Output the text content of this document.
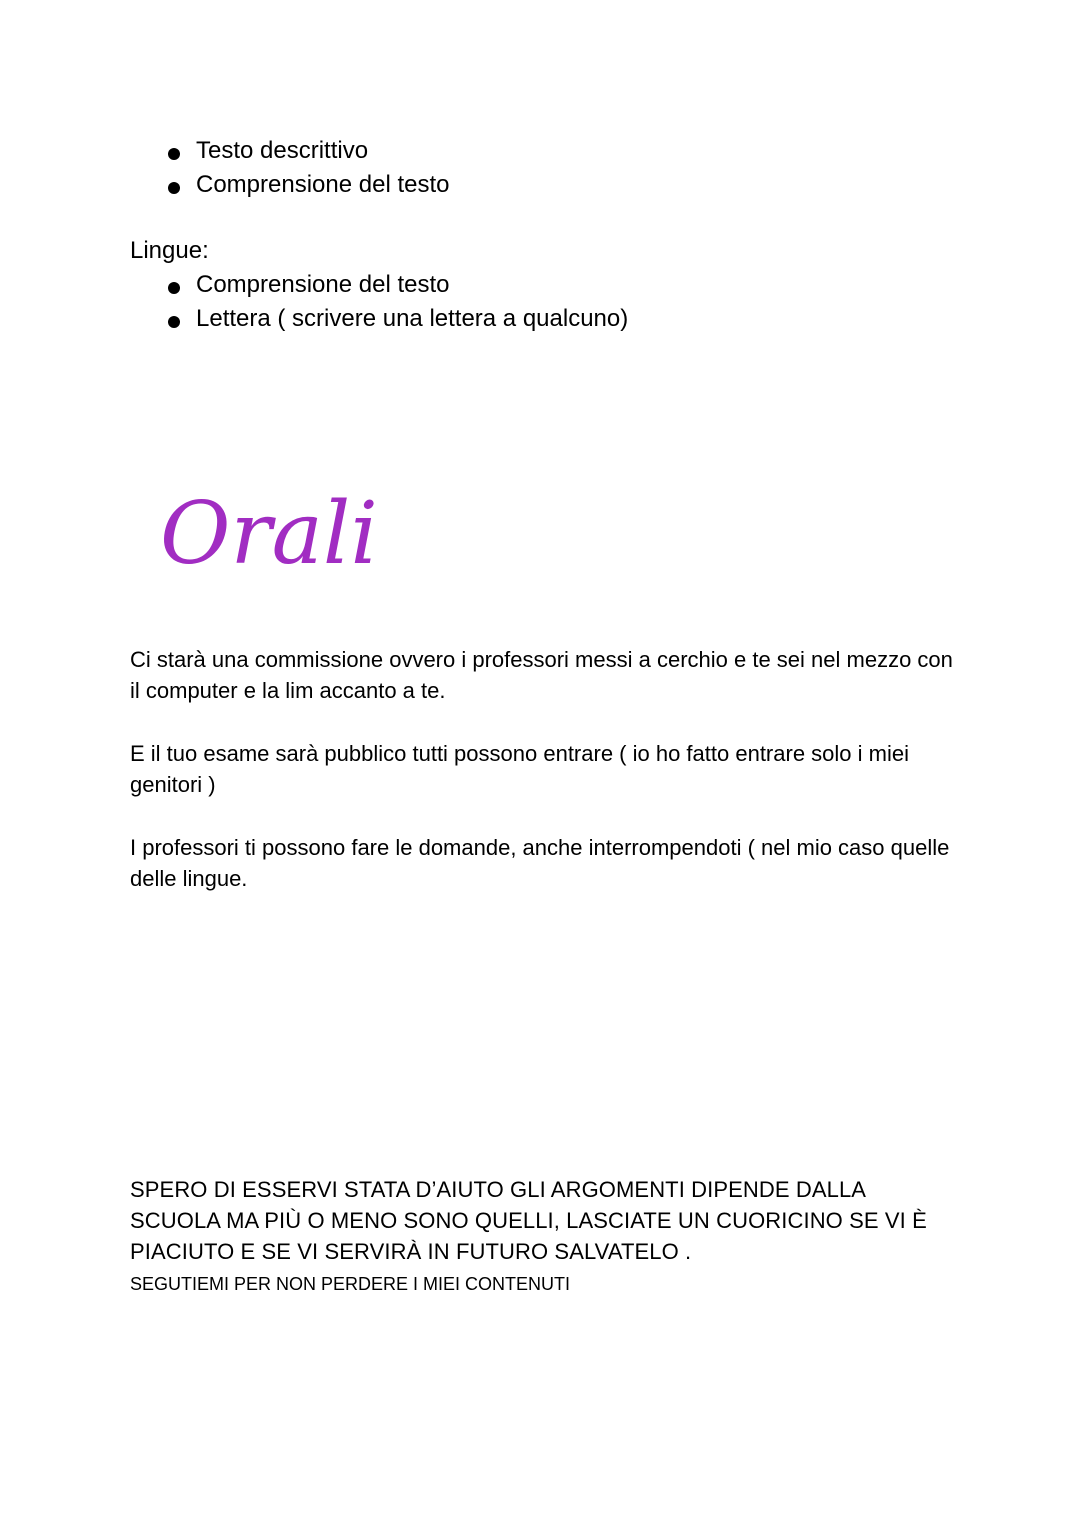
Testo descrittivo
Comprensione del testo
Lingue:
Comprensione del testo
Lettera ( scrivere una lettera a qualcuno)
Orali

Ci starà una commissione ovvero i professori messi a cerchio e te sei nel mezzo con il computer e la lim accanto a te.

E il tuo esame sarà pubblico tutti possono entrare ( io ho fatto entrare solo i miei genitori )

I professori ti possono fare le domande, anche interrompendoti ( nel mio caso quelle delle lingue.

SPERO DI ESSERVI STATA D’AIUTO GLI ARGOMENTI DIPENDE DALLA SCUOLA MA PIÙ O MENO SONO QUELLI, LASCIATE UN CUORICINO SE VI È PIACIUTO E SE VI SERVIRÀ IN FUTURO SALVATELO .

SEGUTIEMI PER NON PERDERE I MIEI CONTENUTI
